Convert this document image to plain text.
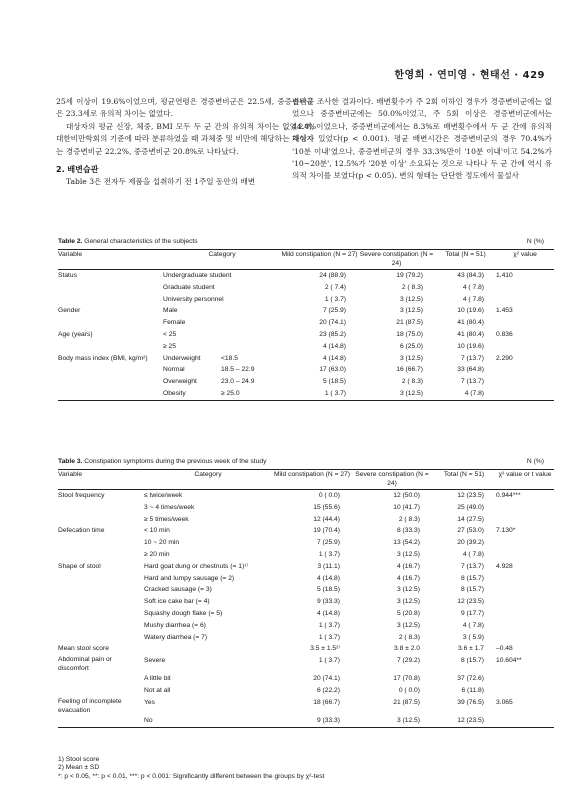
한영희 · 연미영 · 현태선 · 429

25세 이상이 19.6%이었으며, 평균연령은 경증변비군은 22.5세, 중증변비군은 23.3세로 유의적 차이는 없었다.

대상자의 평균 신장, 체중, BMI 모두 두 군 간의 유의적 차이는 없었으며, 대한비만학회의 기준에 따라 분류하였을 때 과체중 및 비만에 해당하는 대상자는 경증변비군 22.2%, 중증변비군 20.8%로 나타났다.

2. 배변습관

Table 3은 전자두 제품을 섭취하기 전 1주일 동안의 배변

습관을 조사한 결과이다. 배변횟수가 주 2회 이하인 경우가 경증변비군에는 없었으나 중증변비군에는 50.0%이었고, 주 5회 이상은 경증변비군에서는 44.4%이었으나, 중증변비군에서는 8.3%로 배변횟수에서 두 군 간에 유의적 차이가 있었다(p < 0.001). 평균 배변시간은 경증변비군의 경우 70.4%가 '10분 이내'였으나, 중증변비군의 경우 33.3%만이 '10분 이내'이고 54.2%가 '10~20분', 12.5%가 '20분 이상' 소요되는 것으로 나타나 두 군 간에 역시 유의적 차이를 보였다(p < 0.05). 변의 형태는 단단한 정도에서 물설사

Table 2. General characteristics of the subjects	N (%)
Variable	Category		Mild constipation (N = 27)	Severe constipation (N = 24)	Total (N = 51)	χ² value
Status	Undergraduate student		24 (88.9)	19 (79.2)	43 (84.3)	1.410
	Graduate student		2 ( 7.4)	2 ( 8.3)	4 ( 7.8)	
	University personnel		1 ( 3.7)	3 (12.5)	4 ( 7.8)	
Gender	Male		7 (25.9)	3 (12.5)	10 (19.6)	1.453
	Female		20 (74.1)	21 (87.5)	41 (80.4)	
Age (years)	< 25		23 (85.2)	18 (75.0)	41 (80.4)	0.836
	≥ 25		4 (14.8)	6 (25.0)	10 (19.6)	
Body mass index (BMI, kg/m²)	Underweight	<18.5	4 (14.8)	3 (12.5)	7 (13.7)	2.290
	Normal	18.5 – 22.9	17 (63.0)	16 (66.7)	33 (64.8)	
	Overweight	23.0 – 24.9	5 (18.5)	2 ( 8.3)	7 (13.7)	
	Obesity	≥ 25.0	1 ( 3.7)	3 (12.5)	4 (7.8)	
Table 3. Constipation symptoms during the previous week of the study	N (%)
Variable	Category	Mild constipation (N = 27)	Severe constipation (N = 24)	Total (N = 51)	χ² value or t value
Stool frequency	≤ twice/week	0 ( 0.0)	12 (50.0)	12 (23.5)	0.944***
	3 ~ 4 times/week	15 (55.6)	10 (41.7)	25 (49.0)	
	≥ 5 times/week	12 (44.4)	2 ( 8.3)	14 (27.5)	
Defecation time	< 10 min	19 (70.4)	8 (33.3)	27 (53.0)	7.130*
	10 ~ 20 min	7 (25.9)	13 (54.2)	20 (39.2)	
	≥ 20 min	1 ( 3.7)	3 (12.5)	4 ( 7.8)	
Shape of stool	Hard goat dung or chestnuts (= 1)¹⁾	3 (11.1)	4 (16.7)	7 (13.7)	4.928
	Hard and lumpy sausage (= 2)	4 (14.8)	4 (16.7)	8 (15.7)	
	Cracked sausage (= 3)	5 (18.5)	3 (12.5)	8 (15.7)	
	Soft ice cake bar (= 4)	9 (33.3)	3 (12.5)	12 (23.5)	
	Squashy dough flake (= 5)	4 (14.8)	5 (20.8)	9 (17.7)	
	Mushy diarrhea (= 6)	1 ( 3.7)	3 (12.5)	4 ( 7.8)	
	Watery diarrhea (= 7)	1 ( 3.7)	2 ( 8.3)	3 ( 5.9)	
Mean stool score		3.5 ± 1.5²⁾	3.8 ± 2.0	3.6 ± 1.7	–0.48
Abdominal pain or discomfort	Severe	1 ( 3.7)	7 (29.2)	8 (15.7)	10.604**
	A little bit	20 (74.1)	17 (70.8)	37 (72.6)	
	Not at all	6 (22.2)	0 ( 0.0)	6 (11.8)	
Feeling of incomplete evacuation	Yes	18 (66.7)	21 (87.5)	39 (76.5)	3.065
	No	9 (33.3)	3 (12.5)	12 (23.5)	
1) Stool score
2) Mean ± SD
*: p < 0.05, **: p < 0.01, ***: p < 0.001: Significantly different between the groups by χ²-test
